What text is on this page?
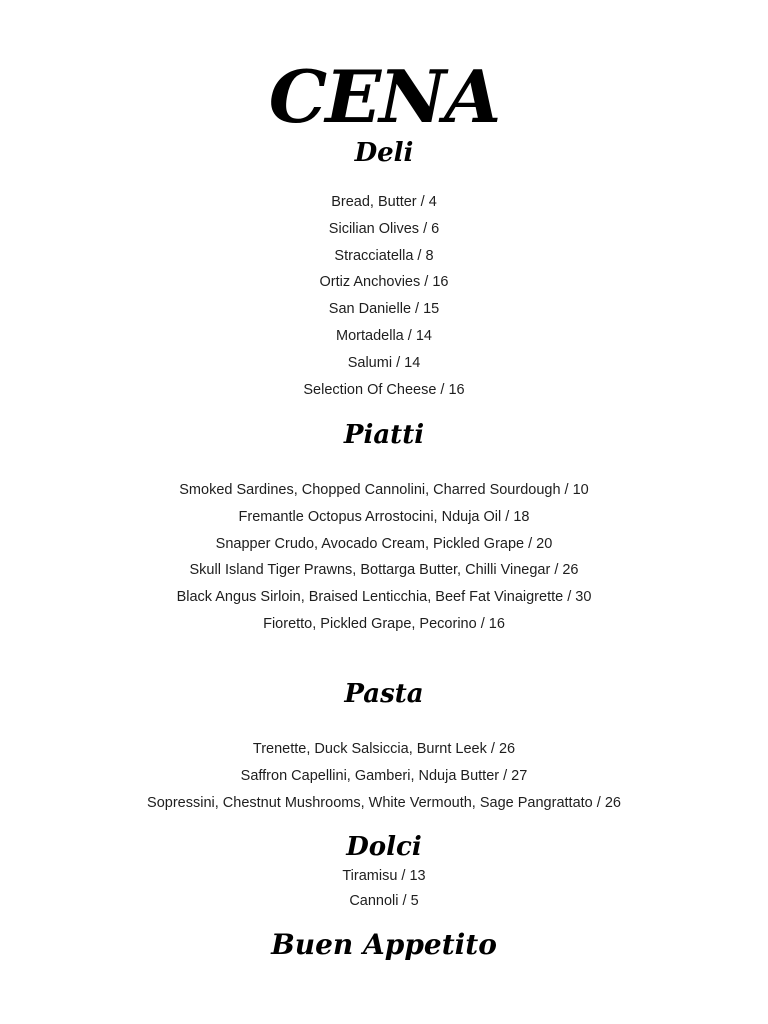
CENA
Deli
Bread, Butter / 4
Sicilian Olives / 6
Stracciatella / 8
Ortiz Anchovies / 16
San Danielle / 15
Mortadella / 14
Salumi / 14
Selection Of Cheese / 16
Piatti
Smoked Sardines, Chopped Cannolini, Charred Sourdough / 10
Fremantle Octopus Arrostocini, Nduja Oil / 18
Snapper Crudo, Avocado Cream, Pickled Grape / 20
Skull Island Tiger Prawns, Bottarga Butter, Chilli Vinegar / 26
Black Angus Sirloin, Braised Lenticchia, Beef Fat Vinaigrette / 30
Fioretto, Pickled Grape, Pecorino / 16
Pasta
Trenette, Duck Salsiccia, Burnt Leek / 26
Saffron Capellini, Gamberi, Nduja Butter / 27
Sopressini, Chestnut Mushrooms, White Vermouth, Sage Pangrattato / 26
Dolci
Tiramisu / 13
Cannoli / 5
Buen Appetito
